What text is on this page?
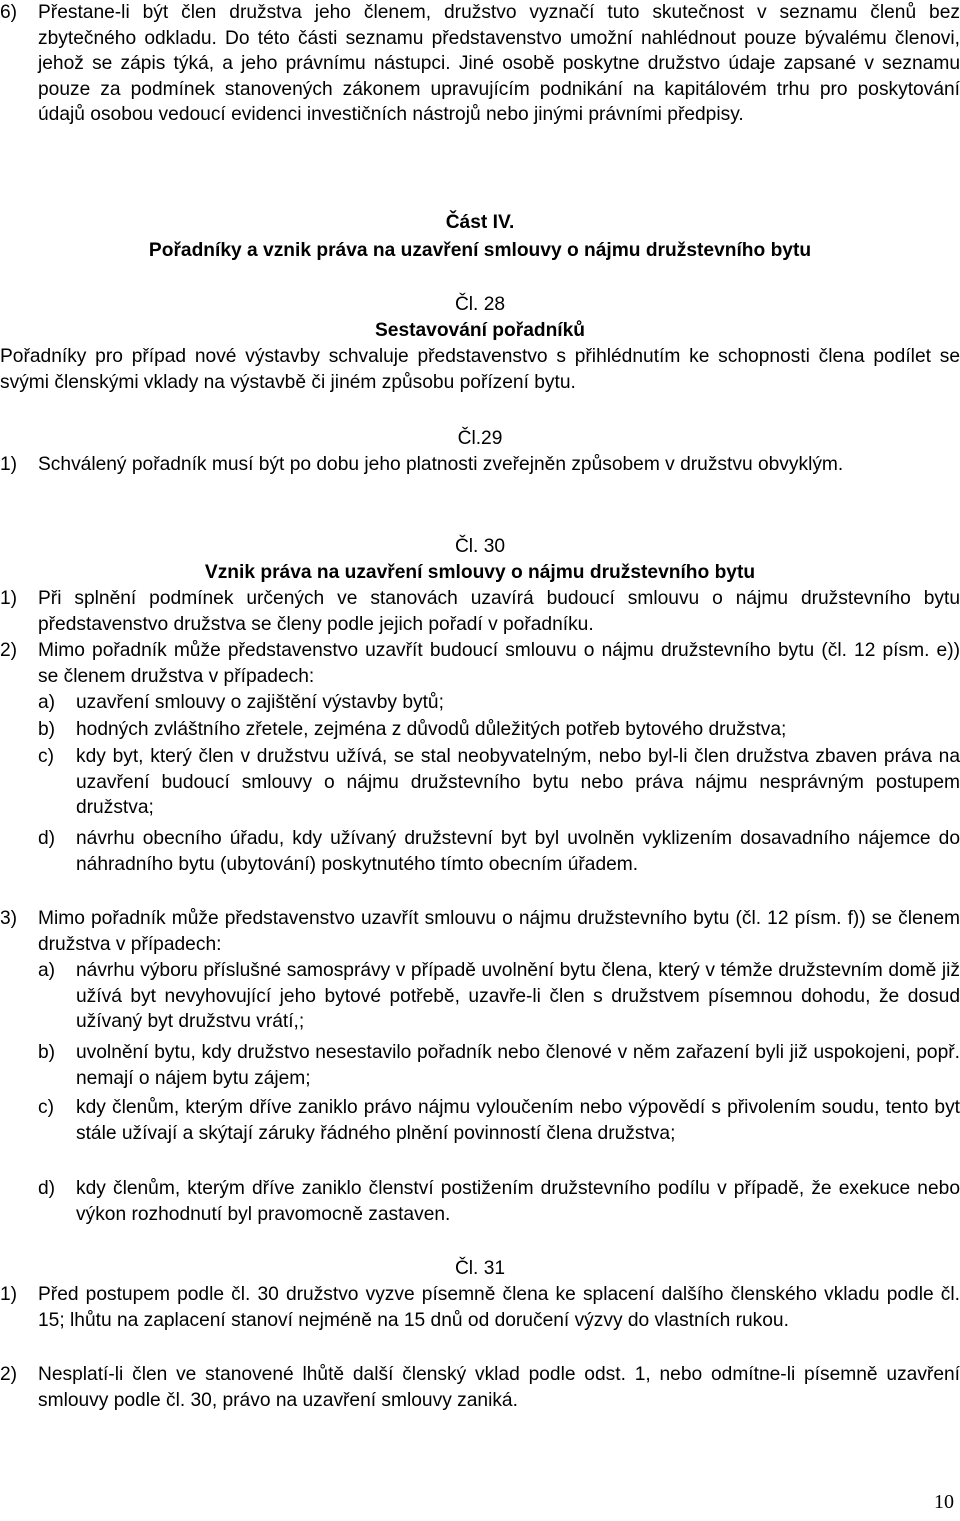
6) Přestane-li být člen družstva jeho členem, družstvo vyznačí tuto skutečnost v seznamu členů bez zbytečného odkladu. Do této části seznamu představenstvo umožní nahlédnout pouze bývalému členovi, jehož se zápis týká, a jeho právnímu nástupci. Jiné osobě poskytne družstvo údaje zapsané v seznamu pouze za podmínek stanovených zákonem upravujícím podnikání na kapitálovém trhu pro poskytování údajů osobou vedoucí evidenci investičních nástrojů nebo jinými právními předpisy.
Část IV.
Pořadníky a vznik práva na uzavření smlouvy o nájmu družstevního bytu
Čl. 28
Sestavování pořadníků
Pořadníky pro případ nové výstavby schvaluje představenstvo s přihlédnutím ke schopnosti člena podílet se svými členskými vklady na výstavbě či jiném způsobu pořízení bytu.
Čl.29
1) Schválený pořadník musí být po dobu jeho platnosti zveřejněn způsobem v družstvu obvyklým.
Čl. 30
Vznik práva na uzavření smlouvy o nájmu družstevního bytu
1) Při splnění podmínek určených ve stanovách uzavírá budoucí smlouvu o nájmu družstevního bytu představenstvo družstva se členy podle jejich pořadí v pořadníku.
2) Mimo pořadník může představenstvo uzavřít budoucí smlouvu o nájmu družstevního bytu (čl. 12 písm. e)) se členem družstva v případech:
a) uzavření smlouvy o zajištění výstavby bytů;
b) hodných zvláštního zřetele, zejména z důvodů důležitých potřeb bytového družstva;
c) kdy byt, který člen v družstvu užívá, se stal neobyvatelným, nebo byl-li člen družstva zbaven práva na uzavření budoucí smlouvy o nájmu družstevního bytu nebo práva nájmu nesprávným postupem družstva;
d) návrhu obecního úřadu, kdy užívaný družstevní byt byl uvolněn vyklizením dosavadního nájemce do náhradního bytu (ubytování) poskytnutého tímto obecním úřadem.
3) Mimo pořadník může představenstvo uzavřít smlouvu o nájmu družstevního bytu (čl. 12 písm. f)) se členem družstva v případech:
a) návrhu výboru příslušné samosprávy v případě uvolnění bytu člena, který v témže družstevním domě již užívá byt nevyhovující jeho bytové potřebě, uzavře-li člen s družstvem písemnou dohodu, že dosud užívaný byt družstvu vrátí,;
b) uvolnění bytu, kdy družstvo nesestavilo pořadník nebo členové v něm zařazení byli již uspokojeni, popř. nemají o nájem bytu zájem;
c) kdy členům, kterým dříve zaniklo právo nájmu vyloučením nebo výpovědí s přivolením soudu, tento byt stále užívají a skýtají záruky řádného plnění povinností člena družstva;
d) kdy členům, kterým dříve zaniklo členství postižením družstevního podílu v případě, že exekuce nebo výkon rozhodnutí byl pravomocně zastaven.
Čl. 31
1) Před postupem podle čl. 30 družstvo vyzve písemně člena ke splacení dalšího členského vkladu podle čl. 15; lhůtu na zaplacení stanoví nejméně na 15 dnů od doručení výzvy do vlastních rukou.
2) Nesplatí-li člen ve stanovené lhůtě další členský vklad podle odst. 1, nebo odmítne-li písemně uzavření smlouvy podle čl. 30, právo na uzavření smlouvy zaniká.
10
